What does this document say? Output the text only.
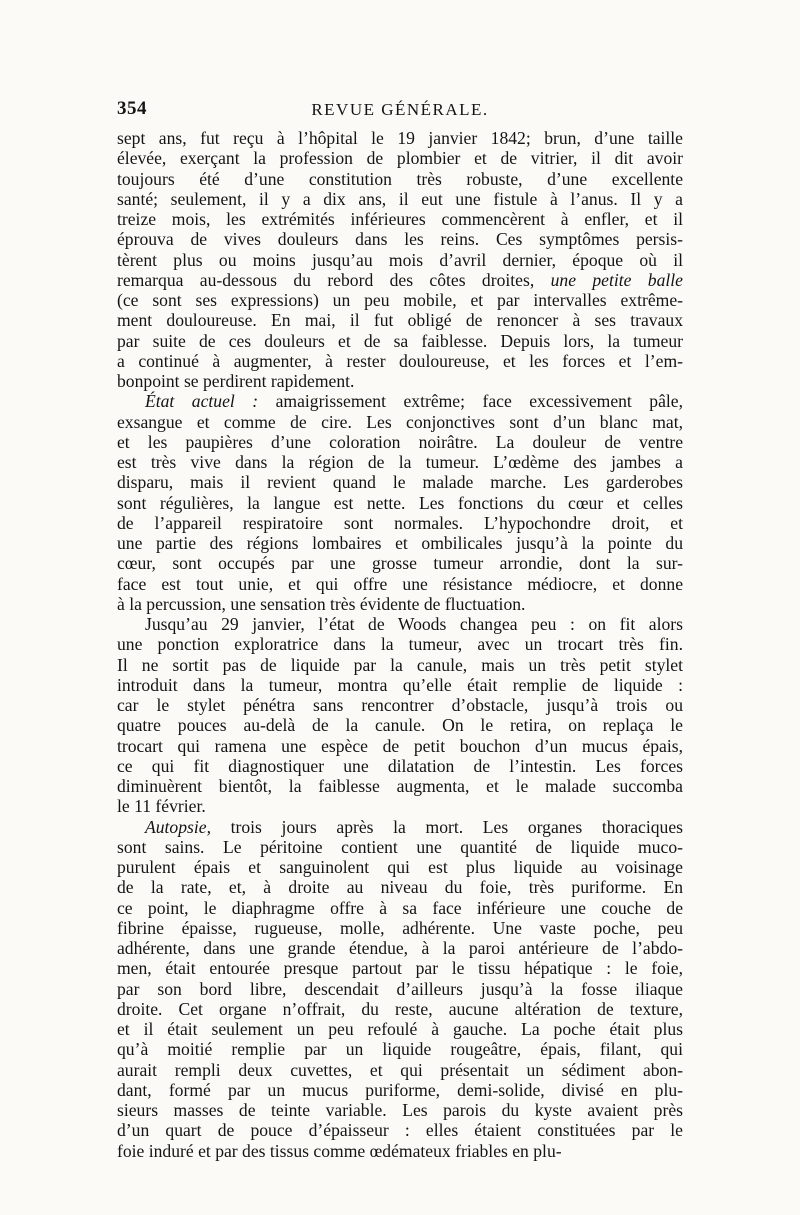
354	REVUE GÉNÉRALE.
sept ans, fut reçu à l’hôpital le 19 janvier 1842; brun, d’une taille
élevée, exerçant la profession de plombier et de vitrier, il dit avoir
toujours été d’une constitution très robuste, d’une excellente
santé; seulement, il y a dix ans, il eut une fistule à l’anus. Il y a
treize mois, les extrémités inférieures commencèrent à enfler, et il
éprouva de vives douleurs dans les reins. Ces symptômes persis-
tèrent plus ou moins jusqu’au mois d’avril dernier, époque où il
remarqua au-dessous du rebord des côtes droites, une petite balle
(ce sont ses expressions) un peu mobile, et par intervalles extrême-
ment douloureuse. En mai, il fut obligé de renoncer à ses travaux
par suite de ces douleurs et de sa faiblesse. Depuis lors, la tumeur
a continué à augmenter, à rester douloureuse, et les forces et l’em-
bonpoint se perdirent rapidement.
État actuel : amaigrissement extrême; face excessivement pâle,
exsangue et comme de cire. Les conjonctives sont d’un blanc mat,
et les paupières d’une coloration noirâtre. La douleur de ventre
est très vive dans la région de la tumeur. L’œdème des jambes a
disparu, mais il revient quand le malade marche. Les garderobes
sont régulières, la langue est nette. Les fonctions du cœur et celles
de l’appareil respiratoire sont normales. L’hypochondre droit, et
une partie des régions lombaires et ombilicales jusqu’à la pointe du
cœur, sont occupés par une grosse tumeur arrondie, dont la sur-
face est tout unie, et qui offre une résistance médiocre, et donne
à la percussion, une sensation très évidente de fluctuation.
Jusqu’au 29 janvier, l’état de Woods changea peu : on fit alors
une ponction exploratrice dans la tumeur, avec un trocart très fin.
Il ne sortit pas de liquide par la canule, mais un très petit stylet
introduit dans la tumeur, montra qu’elle était remplie de liquide :
car le stylet pénétra sans rencontrer d’obstacle, jusqu’à trois ou
quatre pouces au-delà de la canule. On le retira, on replaça le
trocart qui ramena une espèce de petit bouchon d’un mucus épais,
ce qui fit diagnostiquer une dilatation de l’intestin. Les forces
diminuèrent bientôt, la faiblesse augmenta, et le malade succomba
le 11 février.
Autopsie, trois jours après la mort. Les organes thoraciques
sont sains. Le péritoine contient une quantité de liquide muco-
purulent épais et sanguinolent qui est plus liquide au voisinage
de la rate, et, à droite au niveau du foie, très puriforme. En
ce point, le diaphragme offre à sa face inférieure une couche de
fibrine épaisse, rugueuse, molle, adhérente. Une vaste poche, peu
adhérente, dans une grande étendue, à la paroi antérieure de l’abdo-
men, était entourée presque partout par le tissu hépatique : le foie,
par son bord libre, descendait d’ailleurs jusqu’à la fosse iliaque
droite. Cet organe n’offrait, du reste, aucune altération de texture,
et il était seulement un peu refoulé à gauche. La poche était plus
qu’à moitié remplie par un liquide rougeâtre, épais, filant, qui
aurait rempli deux cuvettes, et qui présentait un sédiment abon-
dant, formé par un mucus puriforme, demi-solide, divisé en plu-
sieurs masses de teinte variable. Les parois du kyste avaient près
d’un quart de pouce d’épaisseur : elles étaient constituées par le
foie induré et par des tissus comme œdémateux friables en plu-
